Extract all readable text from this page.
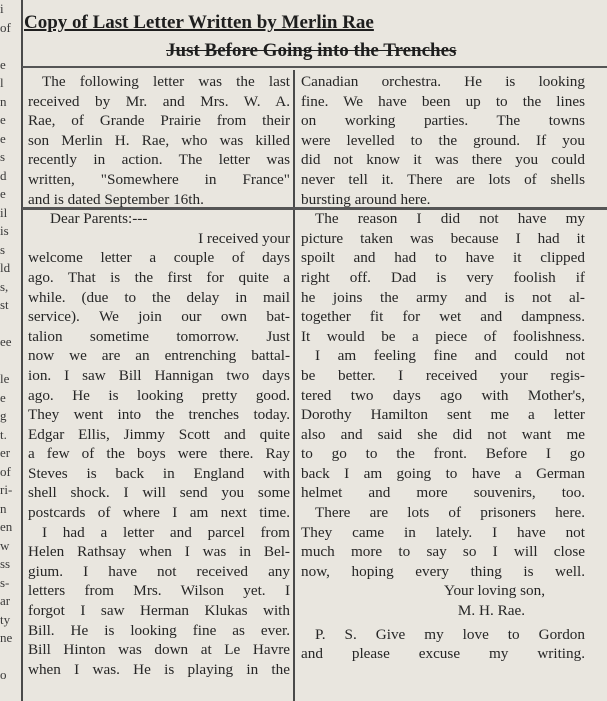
i
of
e
l
n
e
e
s
d
e
il
is
s
ld
s,
st
ee
le
e
g
t.
er
of
ri-
n
en
w
ss
s-
ar
ty
ne
o
Copy of Last Letter Written by Merlin Rae
Just Before Going into the Trenches
The following letter was the last
received by Mr. and Mrs. W. A.
Rae, of Grande Prairie from their
son Merlin H. Rae, who was killed
recently in action. The letter was
written, "Somewhere in France"
and is dated September 16th.
Dear Parents:---
I received your
welcome letter a couple of days
ago. That is the first for quite a
while. (due to the delay in mail
service). We join our own bat-
talion sometime tomorrow. Just
now we are an entrenching battal-
ion. I saw Bill Hannigan two days
ago. He is looking pretty good.
They went into the trenches today.
Edgar Ellis, Jimmy Scott and quite
a few of the boys were there. Ray
Steves is back in England with
shell shock. I will send you some
postcards of where I am next time.
I had a letter and parcel from
Helen Rathsay when I was in Bel-
gium. I have not received any
letters from Mrs. Wilson yet. I
forgot I saw Herman Klukas with
Bill. He is looking fine as ever.
Bill Hinton was down at Le Havre
when I was. He is playing in the
Canadian orchestra. He is looking
fine. We have been up to the lines
on working parties. The towns
were levelled to the ground. If you
did not know it was there you could
never tell it. There are lots of shells
bursting around here.
The reason I did not have my
picture taken was because I had it
spoilt and had to have it clipped
right off. Dad is very foolish if
he joins the army and is not al-
together fit for wet and dampness.
It would be a piece of foolishness.
I am feeling fine and could not
be better. I received your regis-
tered two days ago with Mother's,
Dorothy Hamilton sent me a letter
also and said she did not want me
to go to the front. Before I go
back I am going to have a German
helmet and more souvenirs, too.
There are lots of prisoners here.
They came in lately. I have not
much more to say so I will close
now, hoping every thing is well.
Your loving son,
M. H. Rae.
P. S. Give my love to Gordon
and please excuse my writing.
